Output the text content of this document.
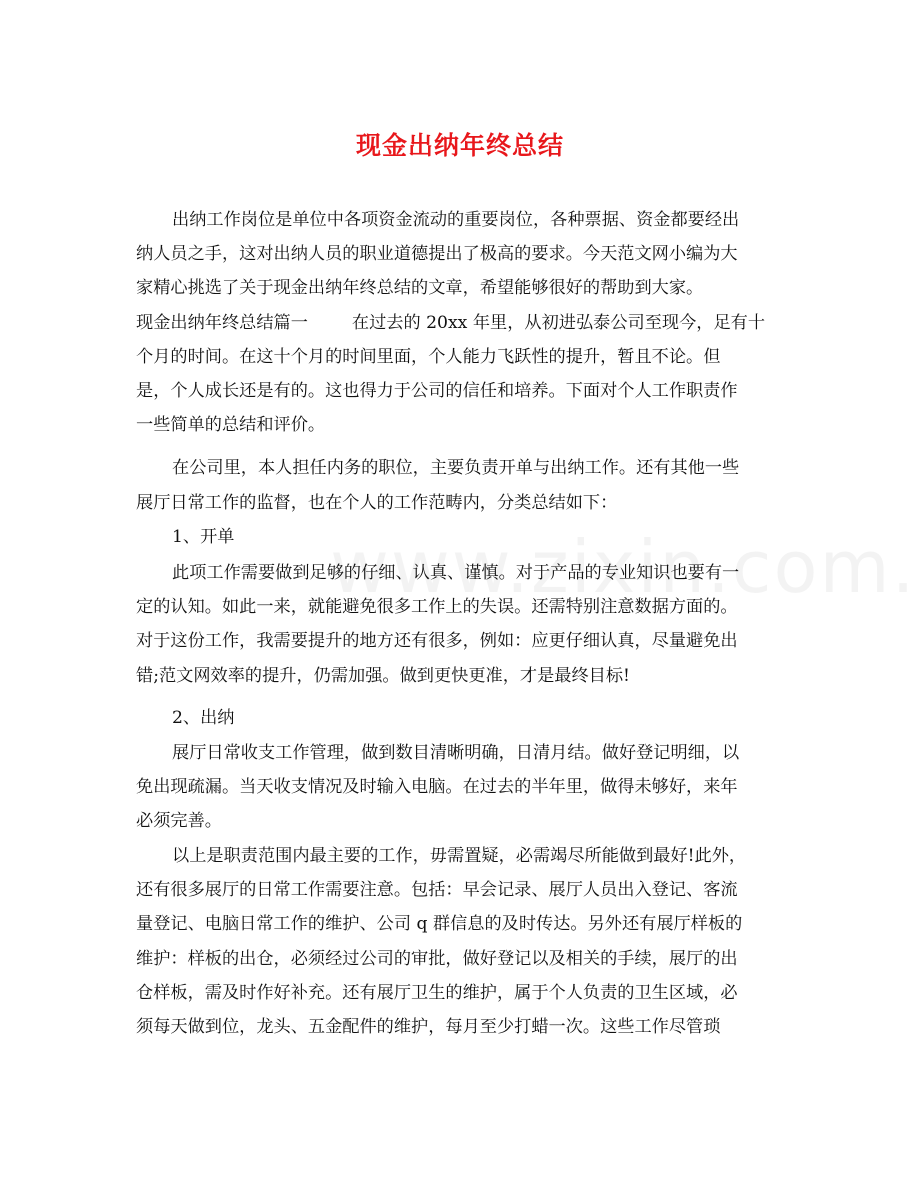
现金出纳年终总结
出纳工作岗位是单位中各项资金流动的重要岗位，各种票据、资金都要经出
纳人员之手，这对出纳人员的职业道德提出了极高的要求。今天范文网小编为大
家精心挑选了关于现金出纳年终总结的文章，希望能够很好的帮助到大家。
现金出纳年终总结篇一	在过去的 20xx 年里，从初进弘泰公司至现今，足有十
个月的时间。在这十个月的时间里面，个人能力飞跃性的提升，暂且不论。但
是，个人成长还是有的。这也得力于公司的信任和培养。下面对个人工作职责作
一些简单的总结和评价。
在公司里，本人担任内务的职位，主要负责开单与出纳工作。还有其他一些
展厅日常工作的监督，也在个人的工作范畴内，分类总结如下：
1、开单
此项工作需要做到足够的仔细、认真、谨慎。对于产品的专业知识也要有一
定的认知。如此一来，就能避免很多工作上的失误。还需特别注意数据方面的。
对于这份工作，我需要提升的地方还有很多，例如：应更仔细认真，尽量避免出
错;范文网效率的提升，仍需加强。做到更快更准，才是最终目标!
2、出纳
展厅日常收支工作管理，做到数目清晰明确，日清月结。做好登记明细，以
免出现疏漏。当天收支情况及时输入电脑。在过去的半年里，做得未够好，来年
必须完善。
以上是职责范围内最主要的工作，毋需置疑，必需竭尽所能做到最好!此外，
还有很多展厅的日常工作需要注意。包括：早会记录、展厅人员出入登记、客流
量登记、电脑日常工作的维护、公司 q 群信息的及时传达。另外还有展厅样板的
维护：样板的出仓，必须经过公司的审批，做好登记以及相关的手续，展厅的出
仓样板，需及时作好补充。还有展厅卫生的维护，属于个人负责的卫生区域，必
须每天做到位，龙头、五金配件的维护，每月至少打蜡一次。这些工作尽管琐
